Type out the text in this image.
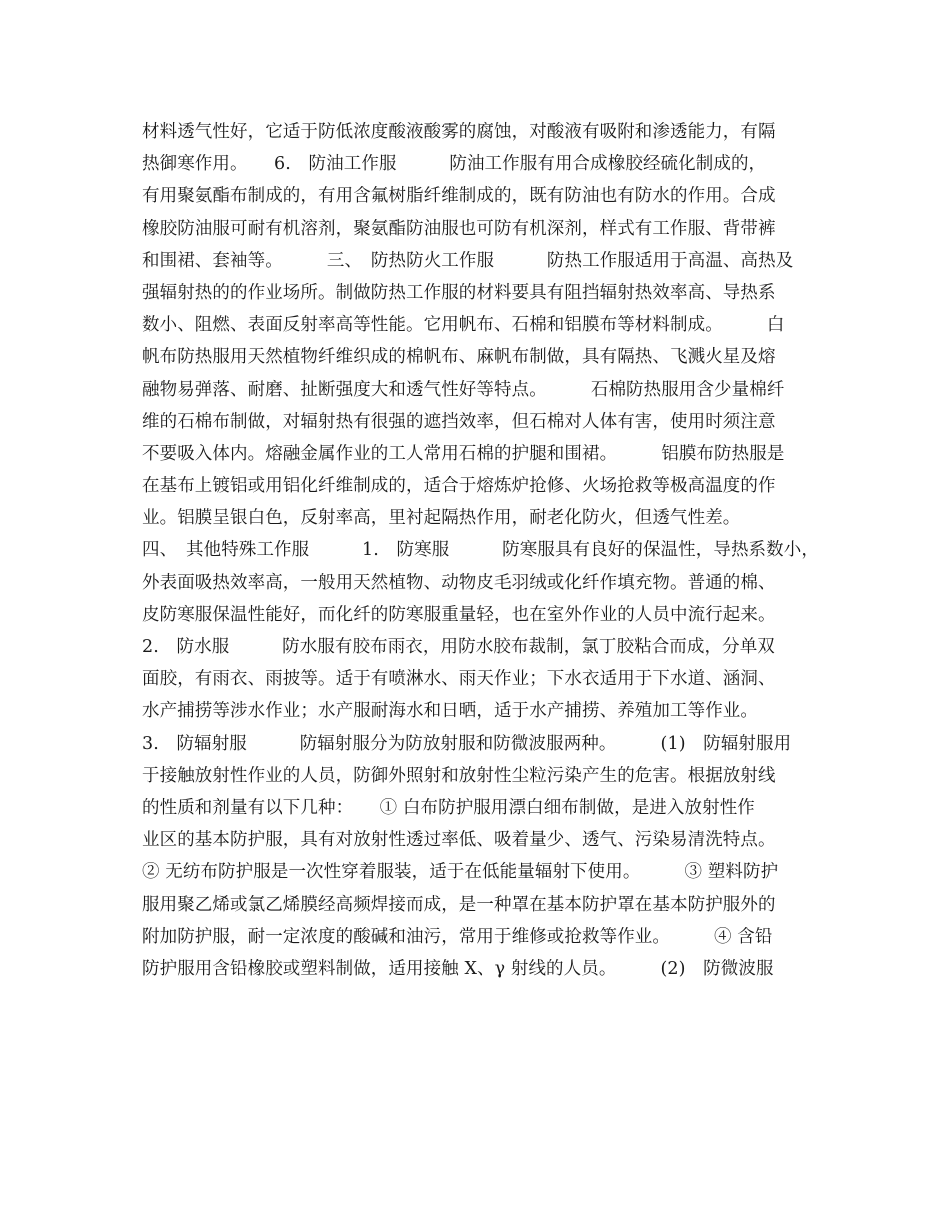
材料透气性好，它适于防低浓度酸液酸雾的腐蚀，对酸液有吸附和渗透能力，有隔
热御寒作用。　　6.　防油工作服　　　防油工作服有用合成橡胶经硫化制成的，
有用聚氨酯布制成的，有用含氟树脂纤维制成的，既有防油也有防水的作用。合成
橡胶防油服可耐有机溶剂，聚氨酯防油服也可防有机深剂，样式有工作服、背带裤
和围裙、套袖等。　　　三、　防热防火工作服　　　防热工作服适用于高温、高热及
强辐射热的的作业场所。制做防热工作服的材料要具有阻挡辐射热效率高、导热系
数小、阻燃、表面反射率高等性能。它用帆布、石棉和铝膜布等材料制成。　　　白
帆布防热服用天然植物纤维织成的棉帆布、麻帆布制做，具有隔热、飞溅火星及熔
融物易弹落、耐磨、扯断强度大和透气性好等特点。　　　石棉防热服用含少量棉纤
维的石棉布制做，对辐射热有很强的遮挡效率，但石棉对人体有害，使用时须注意
不要吸入体内。熔融金属作业的工人常用石棉的护腿和围裙。　　　铝膜布防热服是
在基布上镀铝或用铝化纤维制成的，适合于熔炼炉抢修、火场抢救等极高温度的作
业。铝膜呈银白色，反射率高，里衬起隔热作用，耐老化防火，但透气性差。
四、　其他特殊工作服　　　1.　防寒服　　　防寒服具有良好的保温性，导热系数小，
外表面吸热效率高，一般用天然植物、动物皮毛羽绒或化纤作填充物。普通的棉、
皮防寒服保温性能好，而化纤的防寒服重量轻，也在室外作业的人员中流行起来。
2.　防水服　　　防水服有胶布雨衣，用防水胶布裁制，氯丁胶粘合而成，分单双
面胶，有雨衣、雨披等。适于有喷淋水、雨天作业；下水衣适用于下水道、涵洞、
水产捕捞等涉水作业；水产服耐海水和日晒，适于水产捕捞、养殖加工等作业。
3.　防辐射服　　　防辐射服分为防放射服和防微波服两种。　　　(1)　防辐射服用
于接触放射性作业的人员，防御外照射和放射性尘粒污染产生的危害。根据放射线
的性质和剂量有以下几种：　　① 白布防护服用漂白细布制做，是进入放射性作
业区的基本防护服，具有对放射性透过率低、吸着量少、透气、污染易清洗特点。
② 无纺布防护服是一次性穿着服装，适于在低能量辐射下使用。　　　③ 塑料防护
服用聚乙烯或氯乙烯膜经高频焊接而成，是一种罩在基本防护罩在基本防护服外的
附加防护服，耐一定浓度的酸碱和油污，常用于维修或抢救等作业。　　　④ 含铅
防护服用含铅橡胶或塑料制做，适用接触 X、γ 射线的人员。　　　(2)　防微波服
